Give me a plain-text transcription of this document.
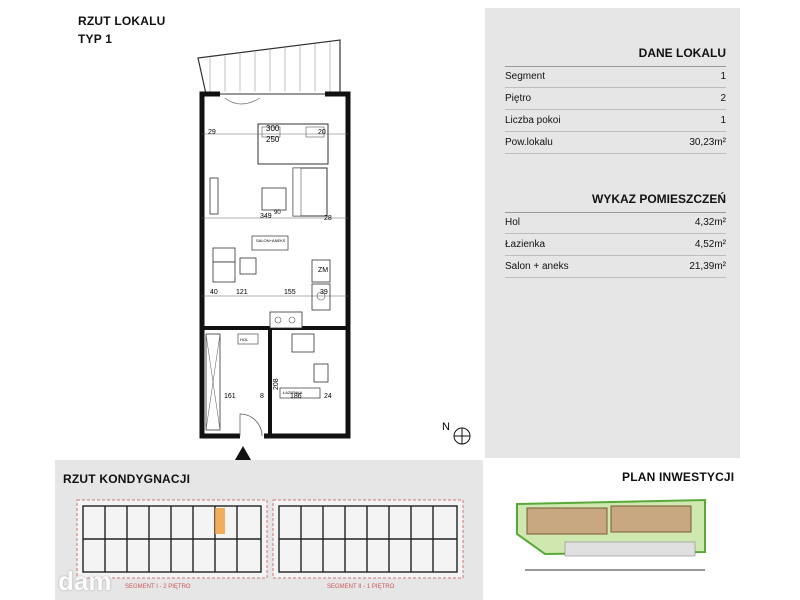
RZUT LOKALU
TYP 1
300
250
29	20
349 90
28
SALON+ANEKS
40	121	155
ZM
39
HOL
ŁAZIENKA
208
161	8	186	24
N
DANE LOKALU
Segment	1
Piętro	2
Liczba pokoi	1
Pow.lokalu	30,23m²
WYKAZ POMIESZCZEŃ
Hol	4,32m²
Łazienka	4,52m²
Salon + aneks	21,39m²
RZUT KONDYGNACJI
SEGMENT I - 2 PIĘTRO	SEGMENT II - 1 PIĘTRO
PLAN INWESTYCJI
dam
